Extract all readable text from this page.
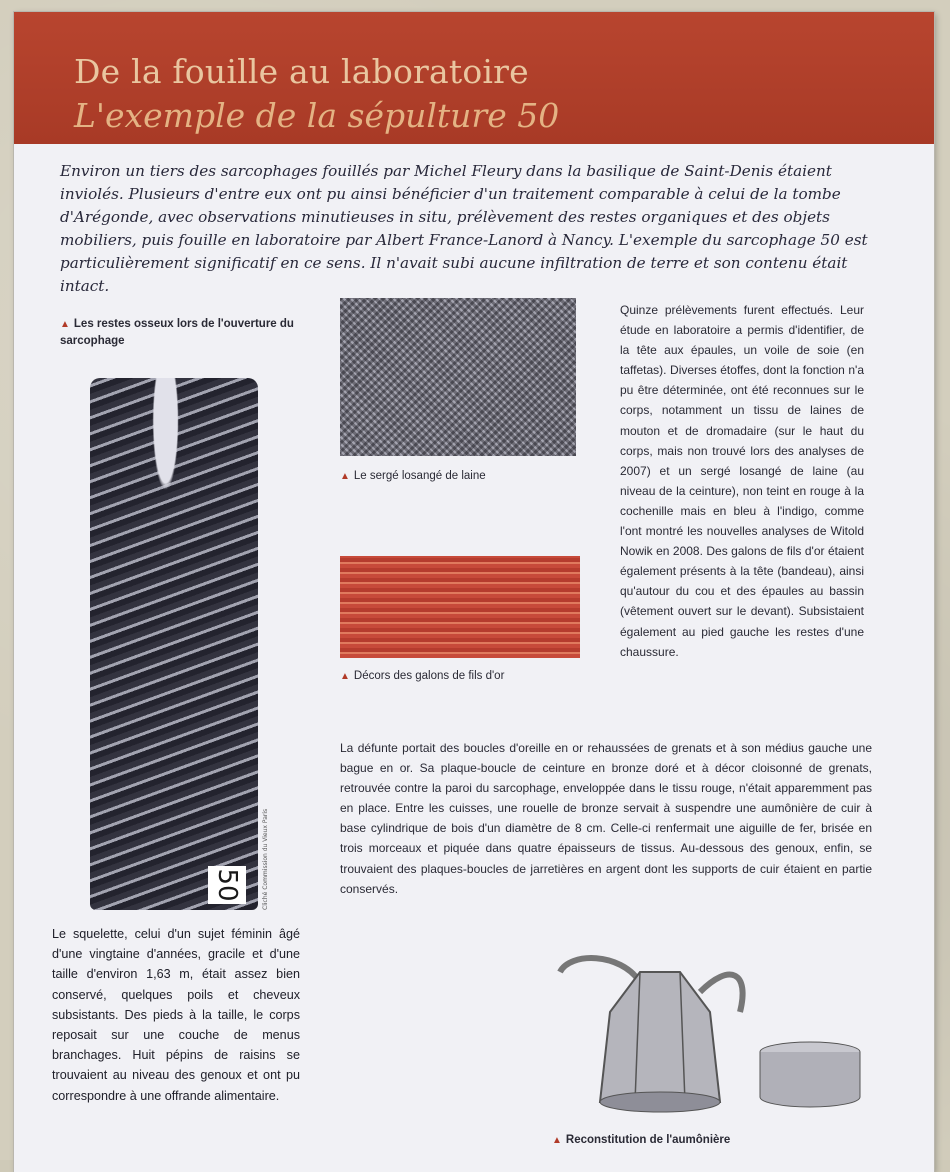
De la fouille au laboratoire
L'exemple de la sépulture 50
Environ un tiers des sarcophages fouillés par Michel Fleury dans la basilique de Saint-Denis étaient inviolés. Plusieurs d'entre eux ont pu ainsi bénéficier d'un traitement comparable à celui de la tombe d'Arégonde, avec observations minutieuses in situ, prélèvement des restes organiques et des objets mobiliers, puis fouille en laboratoire par Albert France-Lanord à Nancy. L'exemple du sarcophage 50 est particulièrement significatif en ce sens. Il n'avait subi aucune infiltration de terre et son contenu était intact.
▲ Les restes osseux lors de l'ouverture du sarcophage
50	Cliché Commission du Vieux Paris
▲ Le sergé losangé de laine
▲ Décors des galons de fils d'or
Quinze prélèvements furent effectués. Leur étude en laboratoire a permis d'identifier, de la tête aux épaules, un voile de soie (en taffetas). Diverses étoffes, dont la fonction n'a pu être déterminée, ont été reconnues sur le corps, notamment un tissu de laines de mouton et de dromadaire (sur le haut du corps, mais non trouvé lors des analyses de 2007) et un sergé losangé de laine (au niveau de la ceinture), non teint en rouge à la cochenille mais en bleu à l'indigo, comme l'ont montré les nouvelles analyses de Witold Nowik en 2008. Des galons de fils d'or étaient également présents à la tête (bandeau), ainsi qu'autour du cou et des épaules au bassin (vêtement ouvert sur le devant). Subsistaient également au pied gauche les restes d'une chaussure.
La défunte portait des boucles d'oreille en or rehaussées de grenats et à son médius gauche une bague en or. Sa plaque-boucle de ceinture en bronze doré et à décor cloisonné de grenats, retrouvée contre la paroi du sarcophage, enveloppée dans le tissu rouge, n'était apparemment pas en place. Entre les cuisses, une rouelle de bronze servait à suspendre une aumônière de cuir à base cylindrique de bois d'un diamètre de 8 cm. Celle-ci renfermait une aiguille de fer, brisée en trois morceaux et piquée dans quatre épaisseurs de tissus. Au-dessous des genoux, enfin, se trouvaient des plaques-boucles de jarretières en argent dont les supports de cuir étaient en partie conservés.
Le squelette, celui d'un sujet féminin âgé d'une vingtaine d'années, gracile et d'une taille d'environ 1,63 m, était assez bien conservé, quelques poils et cheveux subsistants. Des pieds à la taille, le corps reposait sur une couche de menus branchages. Huit pépins de raisins se trouvaient au niveau des genoux et ont pu correspondre à une offrande alimentaire.
▲ Reconstitution de l'aumônière
